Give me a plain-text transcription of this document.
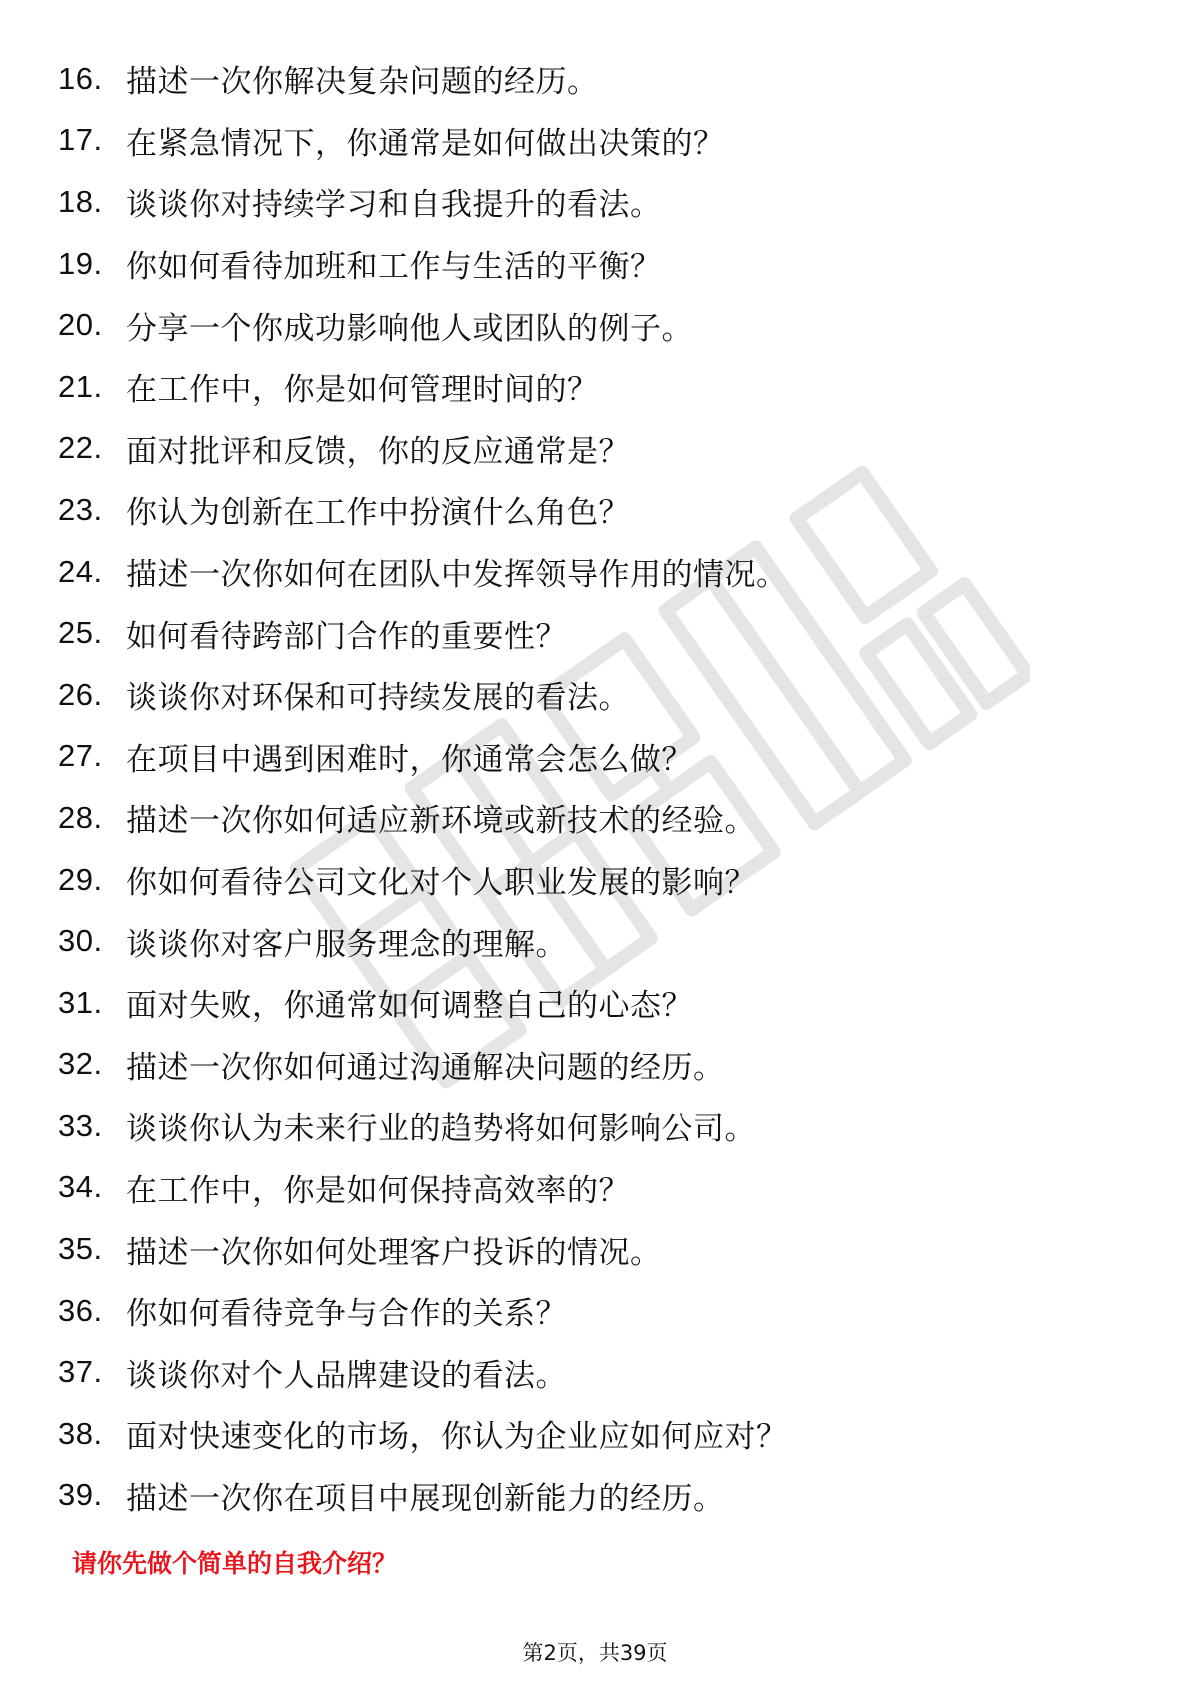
16. 描述一次你解决复杂问题的经历。
17. 在紧急情况下，你通常是如何做出决策的？
18. 谈谈你对持续学习和自我提升的看法。
19. 你如何看待加班和工作与生活的平衡？
20. 分享一个你成功影响他人或团队的例子。
21. 在工作中，你是如何管理时间的？
22. 面对批评和反馈，你的反应通常是？
23. 你认为创新在工作中扮演什么角色？
24. 描述一次你如何在团队中发挥领导作用的情况。
25. 如何看待跨部门合作的重要性？
26. 谈谈你对环保和可持续发展的看法。
27. 在项目中遇到困难时，你通常会怎么做？
28. 描述一次你如何适应新环境或新技术的经验。
29. 你如何看待公司文化对个人职业发展的影响？
30. 谈谈你对客户服务理念的理解。
31. 面对失败，你通常如何调整自己的心态？
32. 描述一次你如何通过沟通解决问题的经历。
33. 谈谈你认为未来行业的趋势将如何影响公司。
34. 在工作中，你是如何保持高效率的？
35. 描述一次你如何处理客户投诉的情况。
36. 你如何看待竞争与合作的关系？
37. 谈谈你对个人品牌建设的看法。
38. 面对快速变化的市场，你认为企业应如何应对？
39. 描述一次你在项目中展现创新能力的经历。

请你先做个简单的自我介绍？

第2页，共39页
